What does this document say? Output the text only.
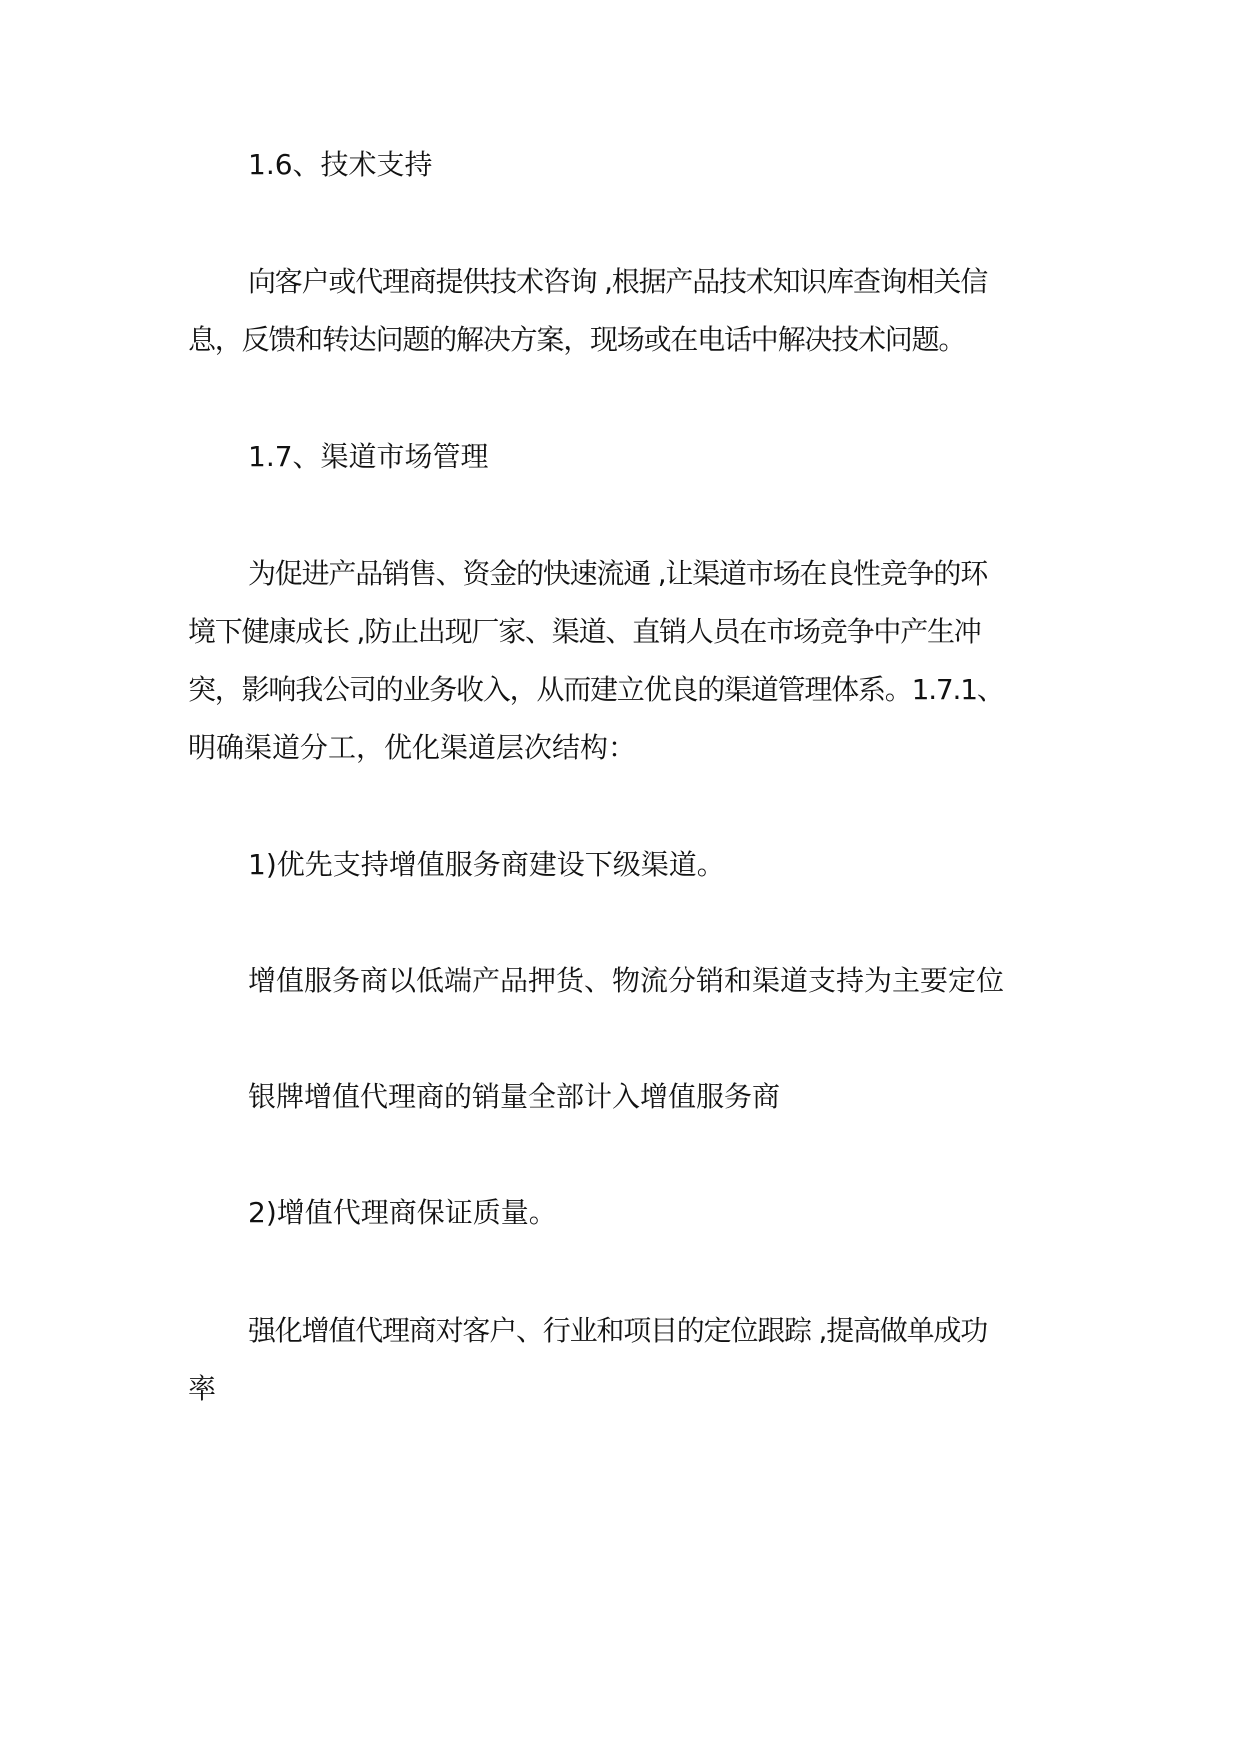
1.6、技术支持
向客户或代理商提供技术咨询 ,根据产品技术知识库查询相关信
息，反馈和转达问题的解决方案，现场或在电话中解决技术问题。
1.7、渠道市场管理
为促进产品销售、资金的快速流通 ,让渠道市场在良性竞争的环
境下健康成长 ,防止出现厂家、渠道、直销人员在市场竞争中产生冲
突，影响我公司的业务收入，从而建立优良的渠道管理体系。1.7.1、
明确渠道分工，优化渠道层次结构：
1)优先支持增值服务商建设下级渠道。
增值服务商以低端产品押货、物流分销和渠道支持为主要定位
银牌增值代理商的销量全部计入增值服务商
2)增值代理商保证质量。
强化增值代理商对客户、行业和项目的定位跟踪 ,提高做单成功
率
